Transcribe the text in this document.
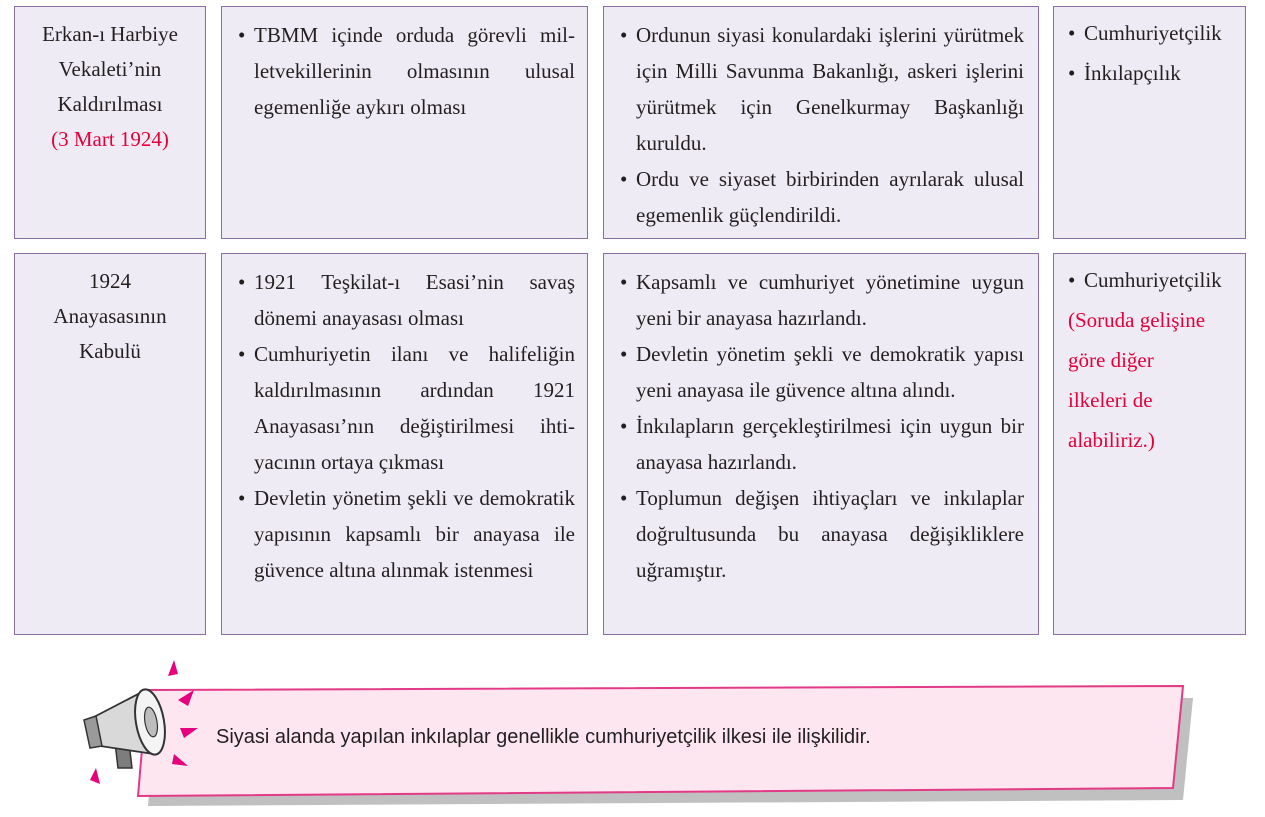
Erkan-ı Harbiye
Vekaleti’nin
Kaldırılması
(3 Mart 1924)
• TBMM içinde orduda görevli milletvekillerinin olmasının ulusal egemenliğe aykırı olması
• Ordunun siyasi konulardaki işlerini yürütmek için Milli Savunma Bakanlığı, askeri işlerini yürütmek için Genelkurmay Başkanlığı kuruldu.
• Ordu ve siyaset birbirinden ayrılarak ulusal egemenlik güçlendirildi.
• Cumhuriyetçilik
• İnkılapçılık
1924
Anayasasının
Kabulü
• 1921 Teşkilat-ı Esasi’nin savaş dönemi anayasası olması
• Cumhuriyetin ilanı ve halifeliğin kaldırılmasının ardından 1921 Anayasası’nın değiştirilmesi ihtiyacının ortaya çıkması
• Devletin yönetim şekli ve demokratik yapısının kapsamlı bir anayasa ile güvence altına alınmak istenmesi
• Kapsamlı ve cumhuriyet yönetimine uygun yeni bir anayasa hazırlandı.
• Devletin yönetim şekli ve demokratik yapısı yeni anayasa ile güvence altına alındı.
• İnkılapların gerçekleştirilmesi için uygun bir anayasa hazırlandı.
• Toplumun değişen ihtiyaçları ve inkılaplar doğrultusunda bu anayasa değişikliklere uğramıştır.
• Cumhuriyetçilik
(Soruda gelişine
göre diğer
ilkeleri de
alabiliriz.)
Siyasi alanda yapılan inkılaplar genellikle cumhuriyetçilik ilkesi ile ilişkilidir.
